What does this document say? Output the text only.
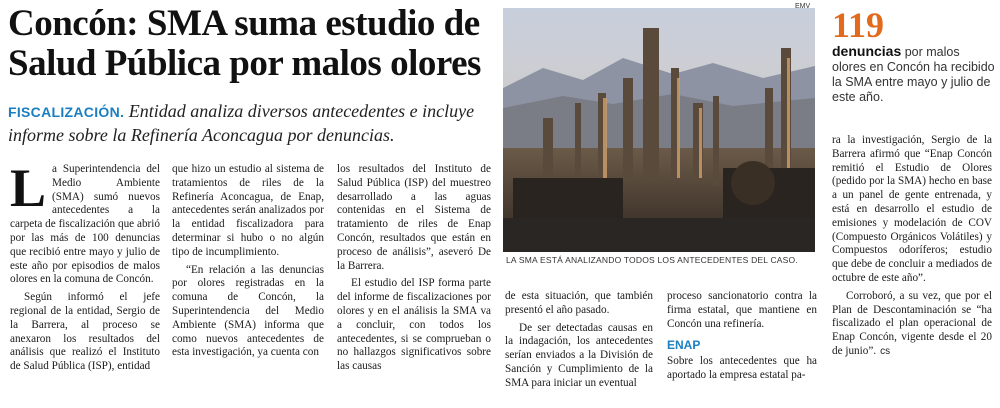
Concón: SMA suma estudio de Salud Pública por malos olores
FISCALIZACIÓN. Entidad analiza diversos antecedentes e incluye informe sobre la Refinería Aconcagua por denuncias.

La Superintendencia del Medio Ambiente (SMA) sumó nuevos antecedentes a la carpeta de fiscalización que abrió por las más de 100 denuncias que recibió entre mayo y julio de este año por episodios de malos olores en la comuna de Concón.

Según informó el jefe regional de la entidad, Sergio de la Barrera, al proceso se anexaron los resultados del análisis que realizó el Instituto de Salud Pública (ISP), entidad

que hizo un estudio al sistema de tratamientos de riles de la Refinería Aconcagua, de Enap, antecedentes serán analizados por la entidad fiscalizadora para determinar si hubo o no algún tipo de incumplimiento.

“En relación a las denuncias por olores registradas en la comuna de Concón, la Superintendencia del Medio Ambiente (SMA) informa que como nuevos antecedentes de esta investigación, ya cuenta con

los resultados del Instituto de Salud Pública (ISP) del muestreo desarrollado a las aguas contenidas en el Sistema de tratamiento de riles de Enap Concón, resultados que están en proceso de análisis”, aseveró De la Barrera.

El estudio del ISP forma parte del informe de fiscalizaciones por olores y en el análisis la SMA va a concluir, con todos los antecedentes, si se comprueban o no hallazgos significativos sobre las causas

EMV
LA SMA ESTÁ ANALIZANDO TODOS LOS ANTECEDENTES DEL CASO.

de esta situación, que también presentó el año pasado.

De ser detectadas causas en la indagación, los antecedentes serían enviados a la División de Sanción y Cumplimiento de la SMA para iniciar un eventual

proceso sancionatorio contra la firma estatal, que mantiene en Concón una refinería.

ENAP

Sobre los antecedentes que ha aportado la empresa estatal pa-

119
denuncias por malos olores en Concón ha recibido la SMA entre mayo y julio de este año.

ra la investigación, Sergio de la Barrera afirmó que “Enap Concón remitió el Estudio de Olores (pedido por la SMA) hecho en base a un panel de gente entrenada, y está en desarrollo el estudio de emisiones y modelación de COV (Compuesto Orgánicos Volátiles) y Compuestos odoríferos; estudio que debe de concluir a mediados de octubre de este año”.

Corroboró, a su vez, que por el Plan de Descontaminación se “ha fiscalizado el plan operacional de Enap Concón, vigente desde el 20 de junio”. cs
